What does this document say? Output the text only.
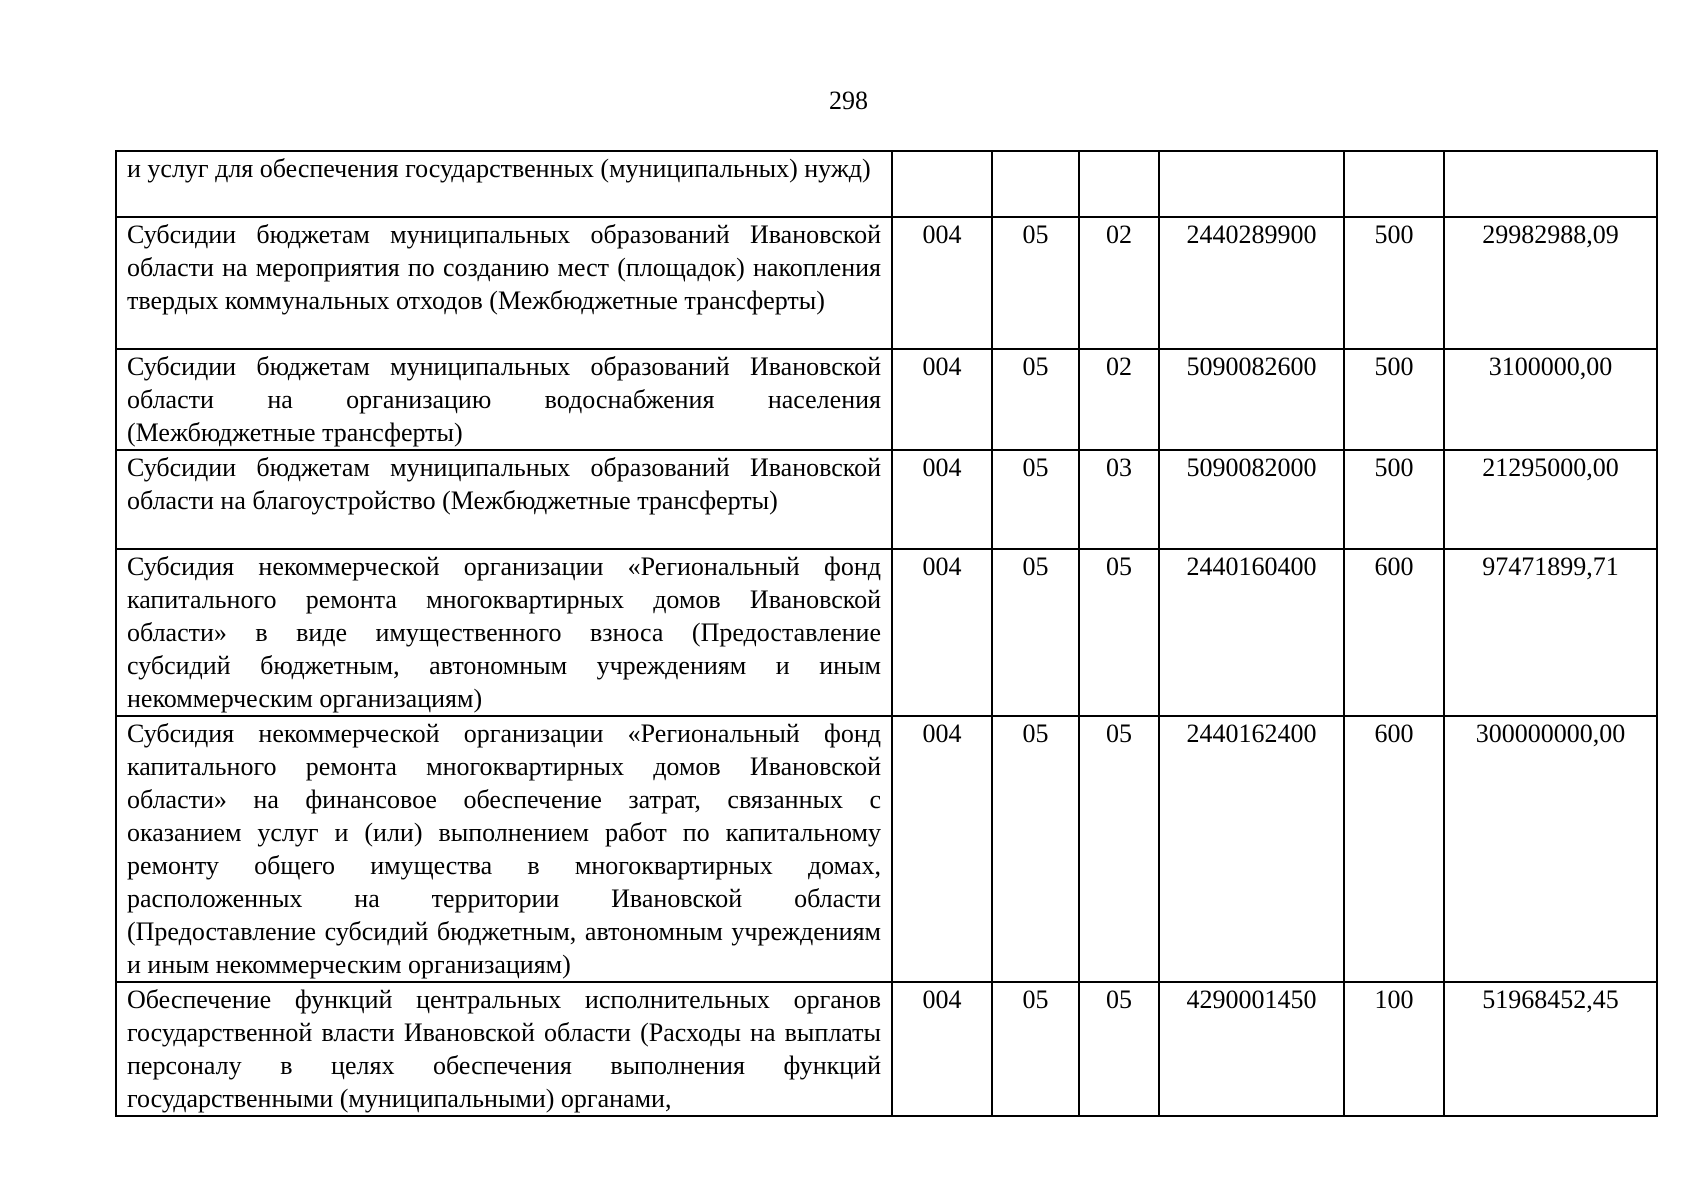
298
и услуг для обеспечения государственных (муниципальных) нужд)						
Субсидии бюджетам муниципальных образований Ивановской области на мероприятия по созданию мест (площадок) накопления твердых коммунальных отходов (Межбюджетные трансферты)	004	05	02	2440289900	500	29982988,09
Субсидии бюджетам муниципальных образований Ивановской области на организацию водоснабжения населения (Межбюджетные трансферты)	004	05	02	5090082600	500	3100000,00
Субсидии бюджетам муниципальных образований Ивановской области на благоустройство (Межбюджетные трансферты)	004	05	03	5090082000	500	21295000,00
Субсидия некоммерческой организации «Региональный фонд капитального ремонта многоквартирных домов Ивановской области» в виде имущественного взноса (Предоставление субсидий бюджетным, автономным учреждениям и иным некоммерческим организациям)	004	05	05	2440160400	600	97471899,71
Субсидия некоммерческой организации «Региональный фонд капитального ремонта многоквартирных домов Ивановской области» на финансовое обеспечение затрат, связанных с оказанием услуг и (или) выполнением работ по капитальному ремонту общего имущества в многоквартирных домах, расположенных на территории Ивановской области (Предоставление субсидий бюджетным, автономным учреждениям и иным некоммерческим организациям)	004	05	05	2440162400	600	300000000,00
Обеспечение функций центральных исполнительных органов государственной власти Ивановской области (Расходы на выплаты персоналу в целях обеспечения выполнения функций государственными (муниципальными) органами,	004	05	05	4290001450	100	51968452,45
